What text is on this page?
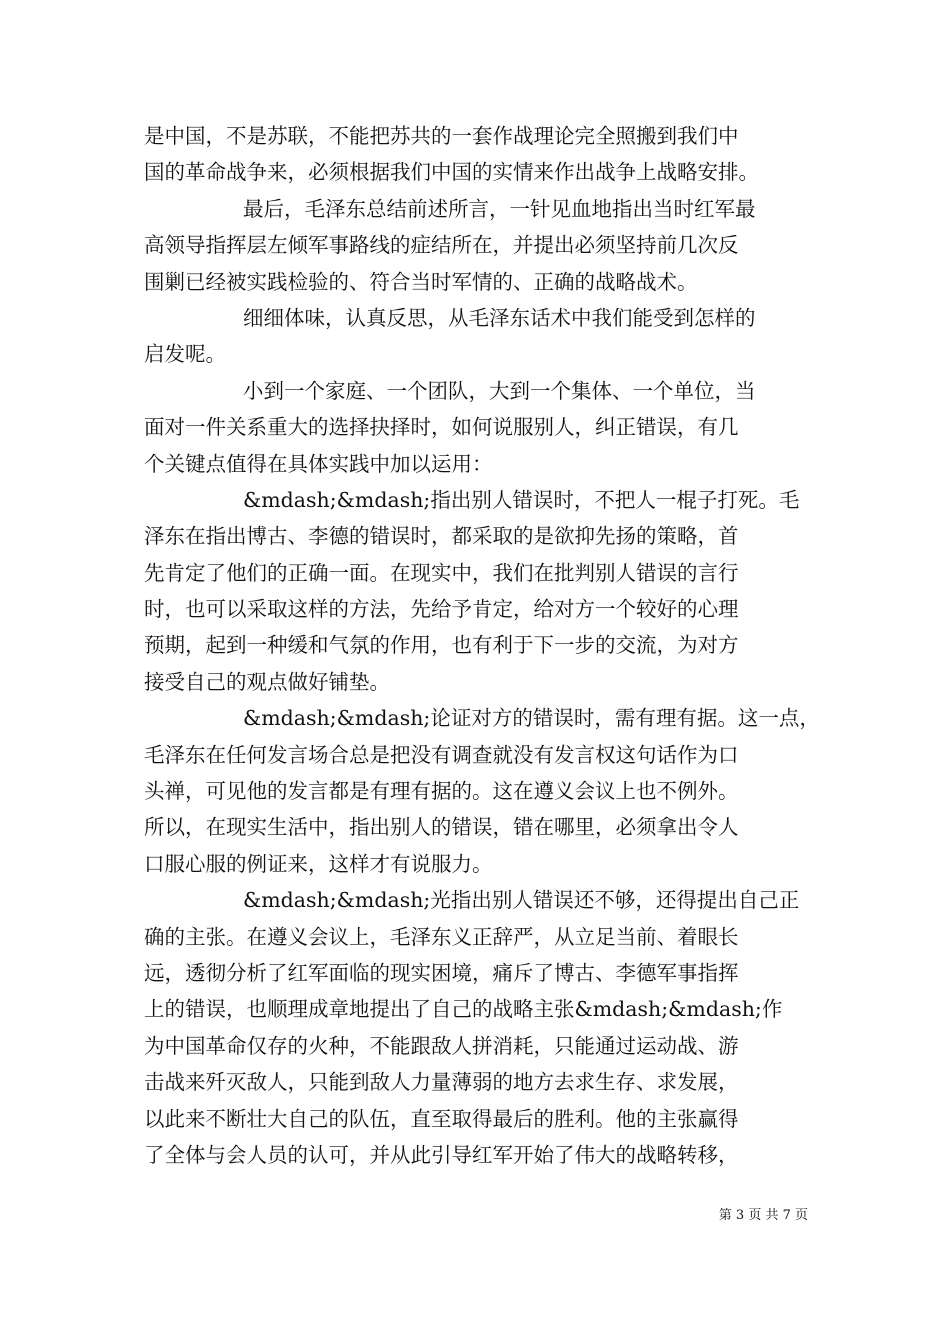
是中国，不是苏联，不能把苏共的一套作战理论完全照搬到我们中
国的革命战争来，必须根据我们中国的实情来作出战争上战略安排。
最后，毛泽东总结前述所言，一针见血地指出当时红军最
高领导指挥层左倾军事路线的症结所在，并提出必须坚持前几次反
围剿已经被实践检验的、符合当时军情的、正确的战略战术。
细细体味，认真反思，从毛泽东话术中我们能受到怎样的
启发呢。
小到一个家庭、一个团队，大到一个集体、一个单位，当
面对一件关系重大的选择抉择时，如何说服别人，纠正错误，有几
个关键点值得在具体实践中加以运用：
&mdash;&mdash;指出别人错误时，不把人一棍子打死。毛
泽东在指出博古、李德的错误时，都采取的是欲抑先扬的策略，首
先肯定了他们的正确一面。在现实中，我们在批判别人错误的言行
时，也可以采取这样的方法，先给予肯定，给对方一个较好的心理
预期，起到一种缓和气氛的作用，也有利于下一步的交流，为对方
接受自己的观点做好铺垫。
&mdash;&mdash;论证对方的错误时，需有理有据。这一点，
毛泽东在任何发言场合总是把没有调查就没有发言权这句话作为口
头禅，可见他的发言都是有理有据的。这在遵义会议上也不例外。
所以，在现实生活中，指出别人的错误，错在哪里，必须拿出令人
口服心服的例证来，这样才有说服力。
&mdash;&mdash;光指出别人错误还不够，还得提出自己正
确的主张。在遵义会议上，毛泽东义正辞严，从立足当前、着眼长
远，透彻分析了红军面临的现实困境，痛斥了博古、李德军事指挥
上的错误，也顺理成章地提出了自己的战略主张&mdash;&mdash;作
为中国革命仅存的火种，不能跟敌人拼消耗，只能通过运动战、游
击战来歼灭敌人，只能到敌人力量薄弱的地方去求生存、求发展，
以此来不断壮大自己的队伍，直至取得最后的胜利。他的主张赢得
了全体与会人员的认可，并从此引导红军开始了伟大的战略转移，
第 3 页 共 7 页
